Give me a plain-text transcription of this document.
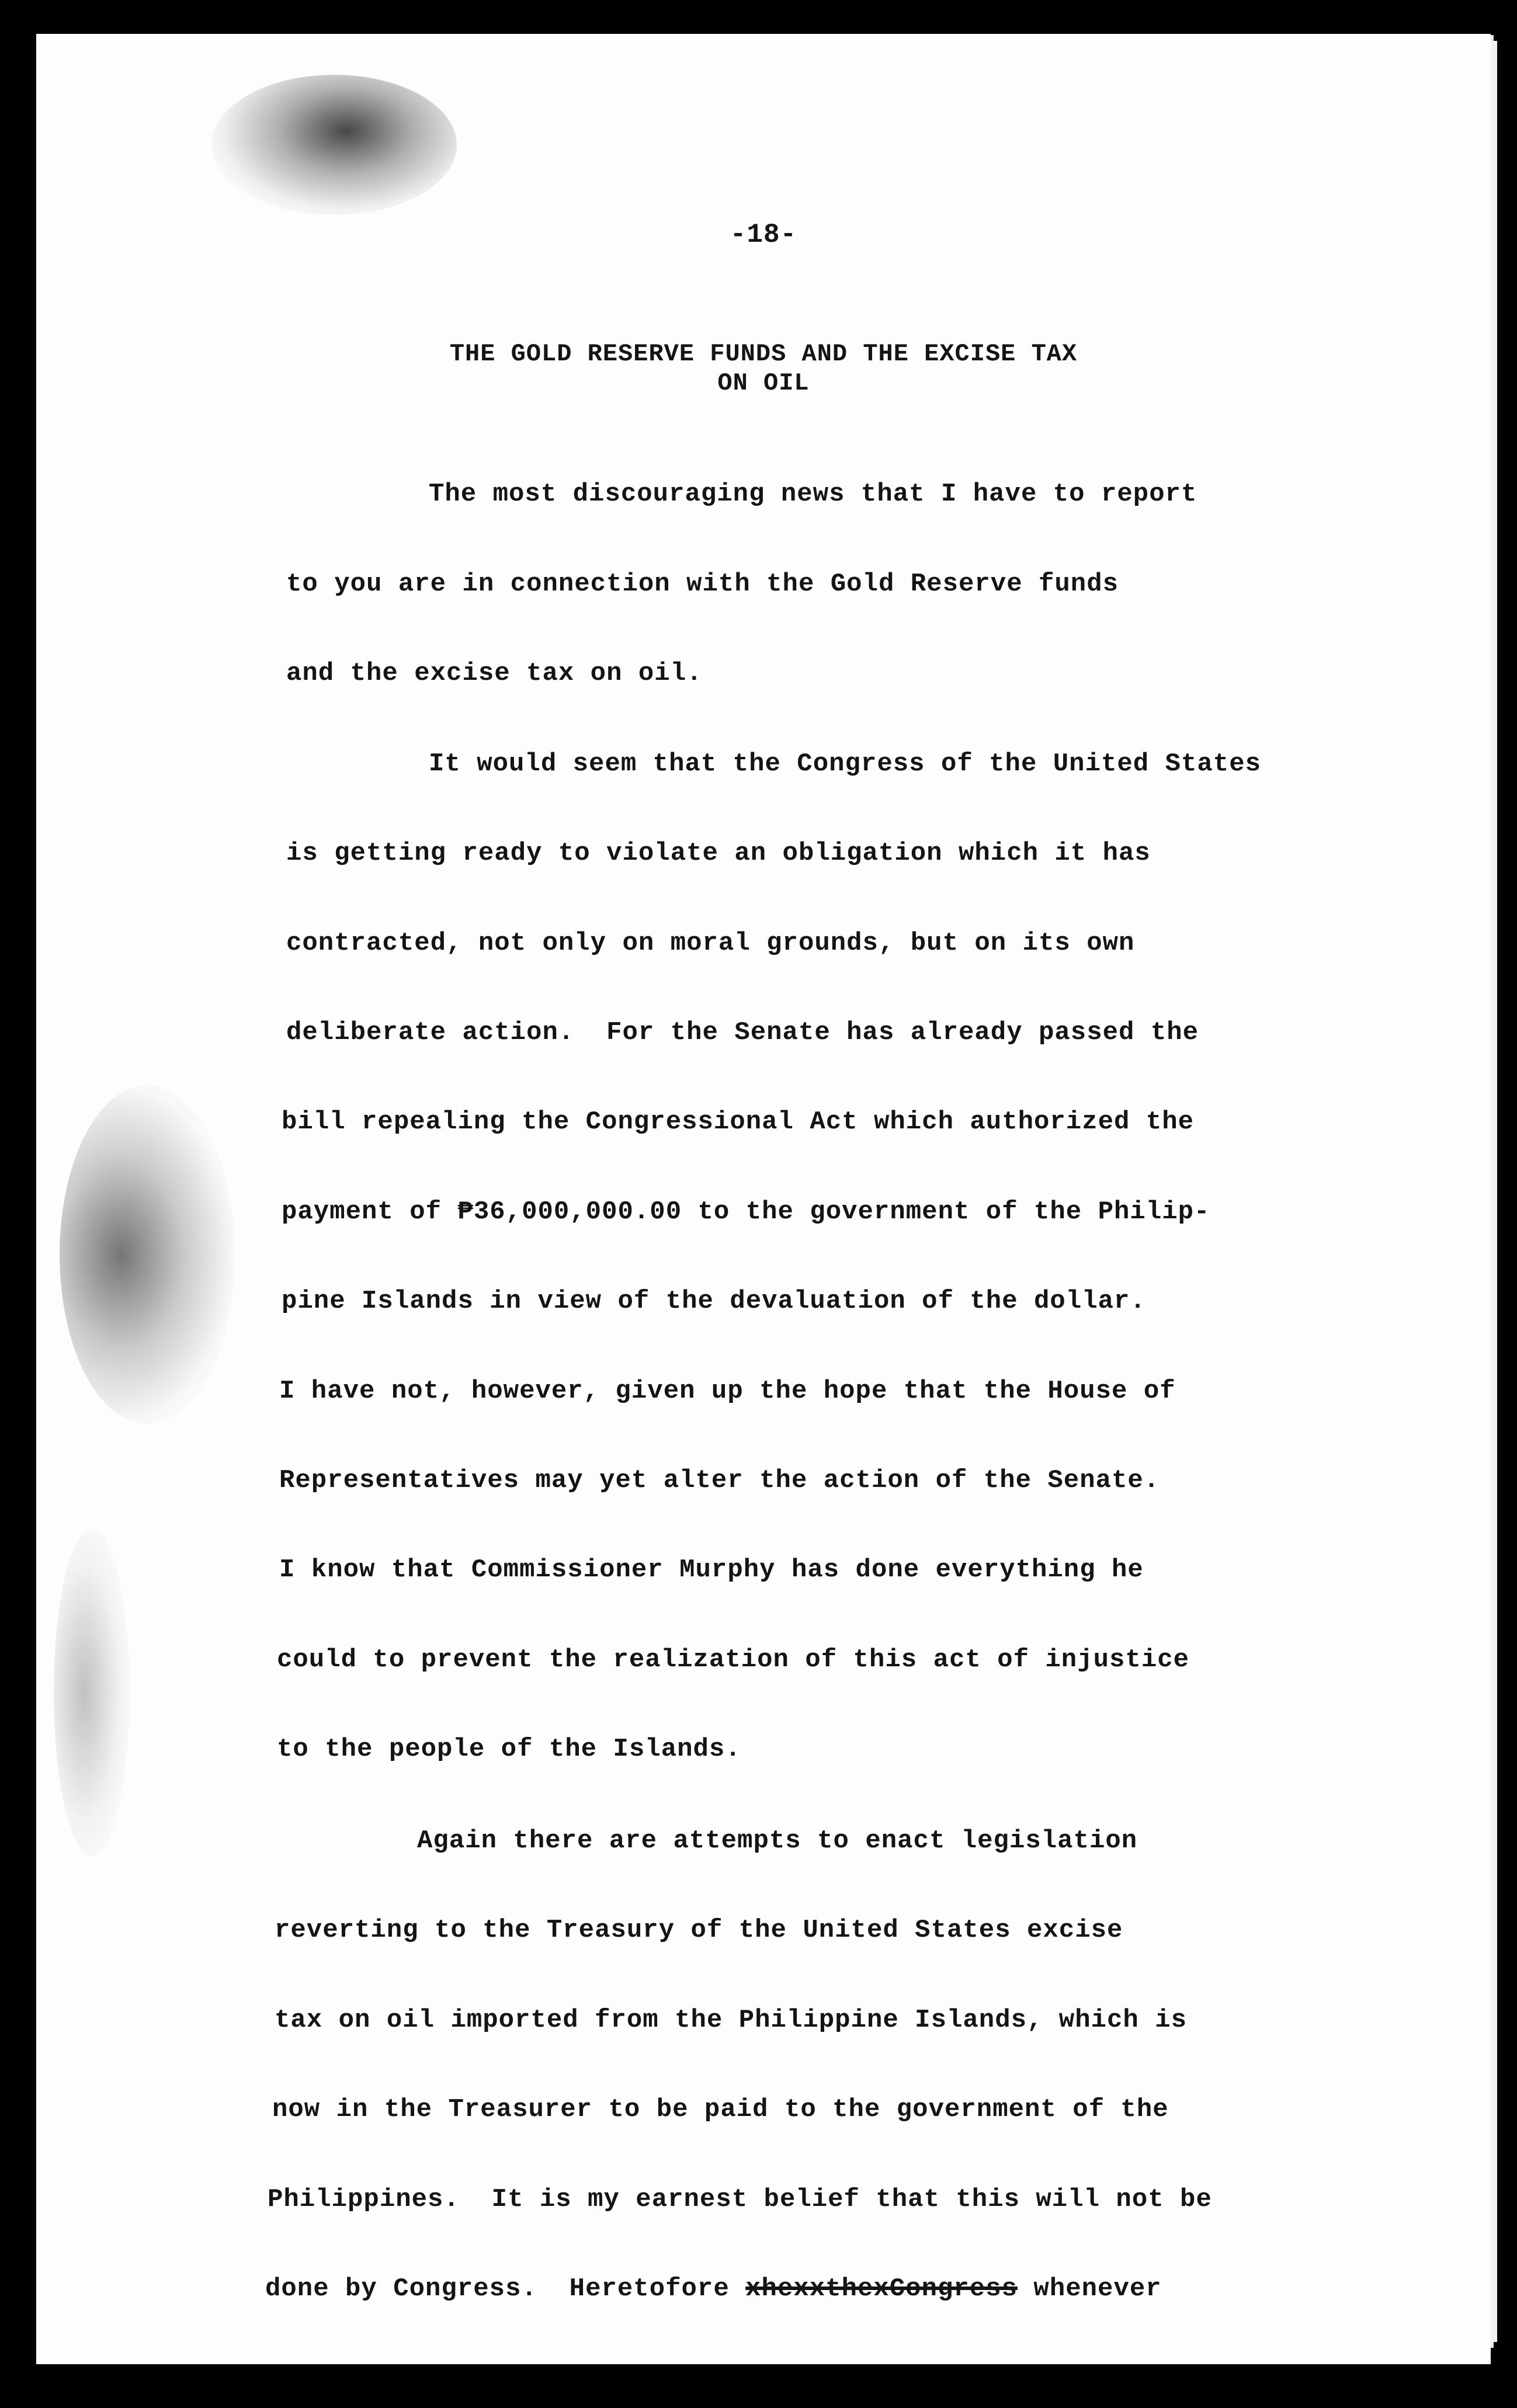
-18-
THE GOLD RESERVE FUNDS AND THE EXCISE TAX
ON OIL
The most discouraging news that I have to report
to you are in connection with the Gold Reserve funds
and the excise tax on oil.
It would seem that the Congress of the United States
is getting ready to violate an obligation which it has
contracted, not only on moral grounds, but on its own
deliberate action.  For the Senate has already passed the
bill repealing the Congressional Act which authorized the
payment of ₱36,000,000.00 to the government of the Philip-
pine Islands in view of the devaluation of the dollar.
I have not, however, given up the hope that the House of
Representatives may yet alter the action of the Senate.
I know that Commissioner Murphy has done everything he
could to prevent the realization of this act of injustice
to the people of the Islands.
Again there are attempts to enact legislation
reverting to the Treasury of the United States excise
tax on oil imported from the Philippine Islands, which is
now in the Treasurer to be paid to the government of the
Philippines.  It is my earnest belief that this will not be
done by Congress.  Heretofore xhexxthexCongress whenever
